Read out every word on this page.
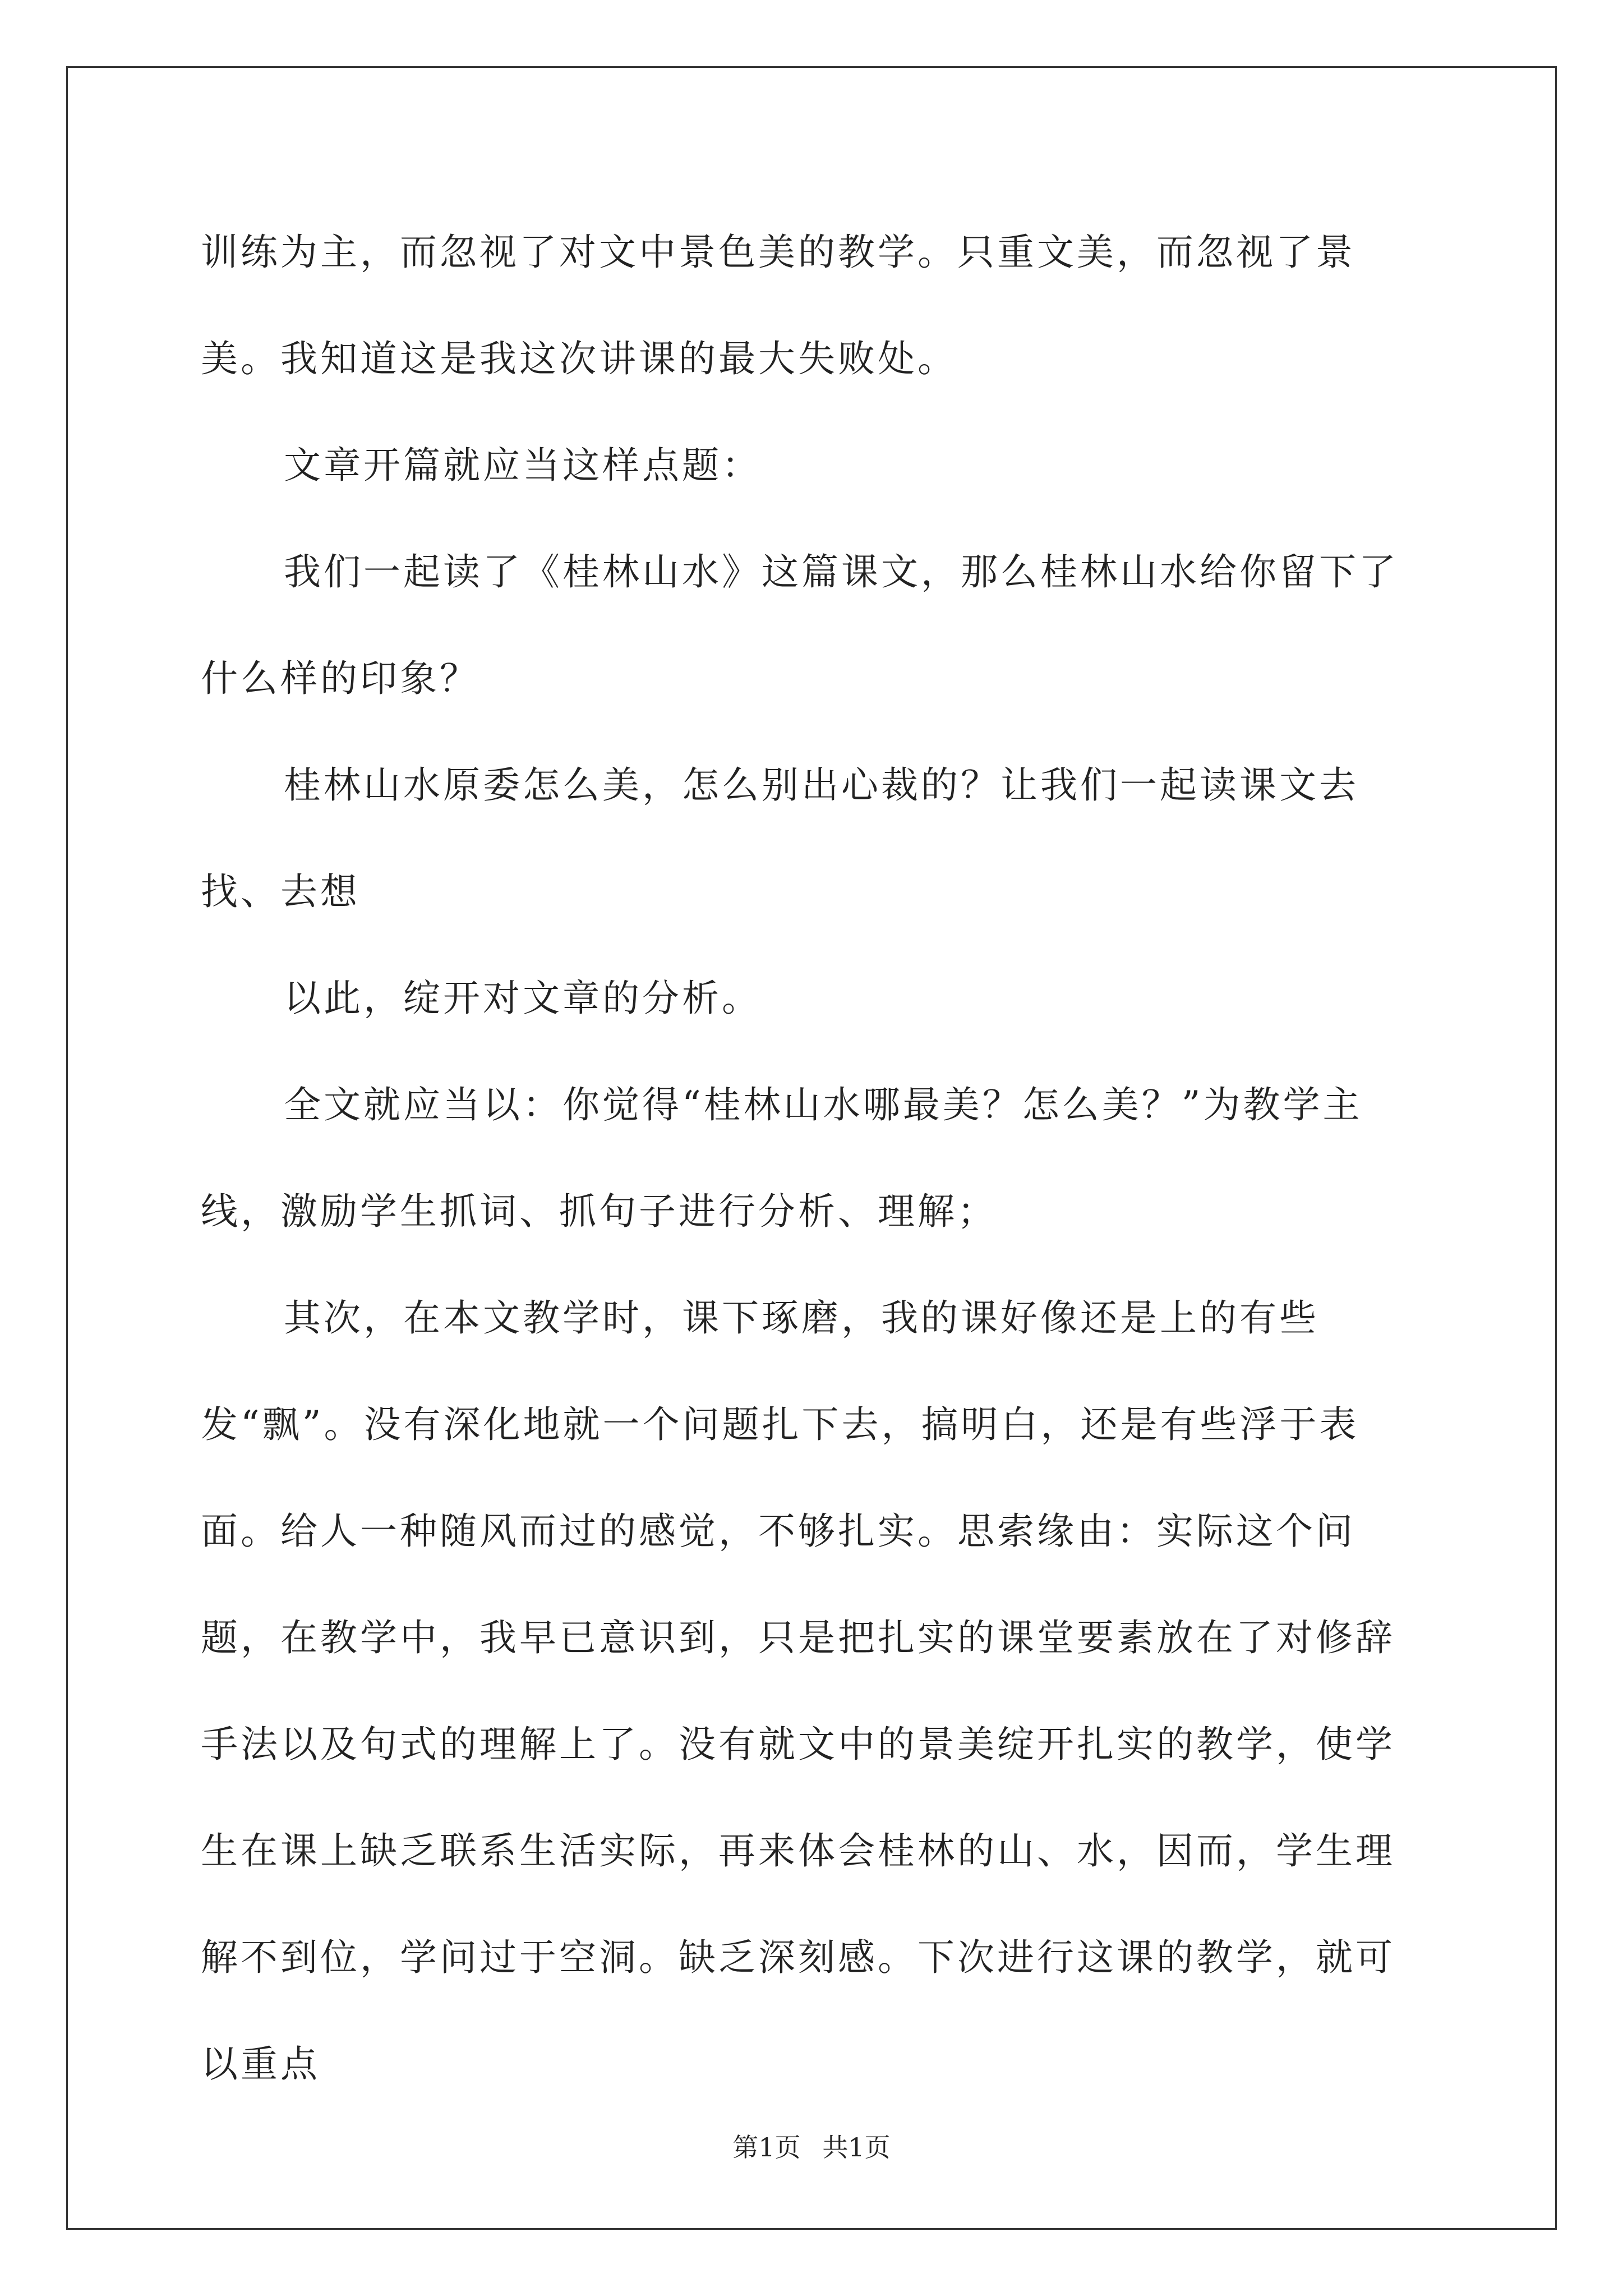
训练为主，而忽视了对文中景色美的教学。只重文美，而忽视了景美。我知道这是我这次讲课的最大失败处。

文章开篇就应当这样点题：

我们一起读了《桂林山水》这篇课文，那么桂林山水给你留下了什么样的印象？

桂林山水原委怎么美，怎么别出心裁的？让我们一起读课文去找、去想

以此，绽开对文章的分析。

全文就应当以：你觉得“桂林山水哪最美？怎么美？”为教学主线，激励学生抓词、抓句子进行分析、理解；

其次，在本文教学时，课下琢磨，我的课好像还是上的有些发“飘”。没有深化地就一个问题扎下去，搞明白，还是有些浮于表面。给人一种随风而过的感觉，不够扎实。思索缘由：实际这个问题，在教学中，我早已意识到，只是把扎实的课堂要素放在了对修辞手法以及句式的理解上了。没有就文中的景美绽开扎实的教学，使学生在课上缺乏联系生活实际，再来体会桂林的山、水，因而，学生理解不到位，学问过于空洞。缺乏深刻感。下次进行这课的教学，就可以重点

第1页 共1页
